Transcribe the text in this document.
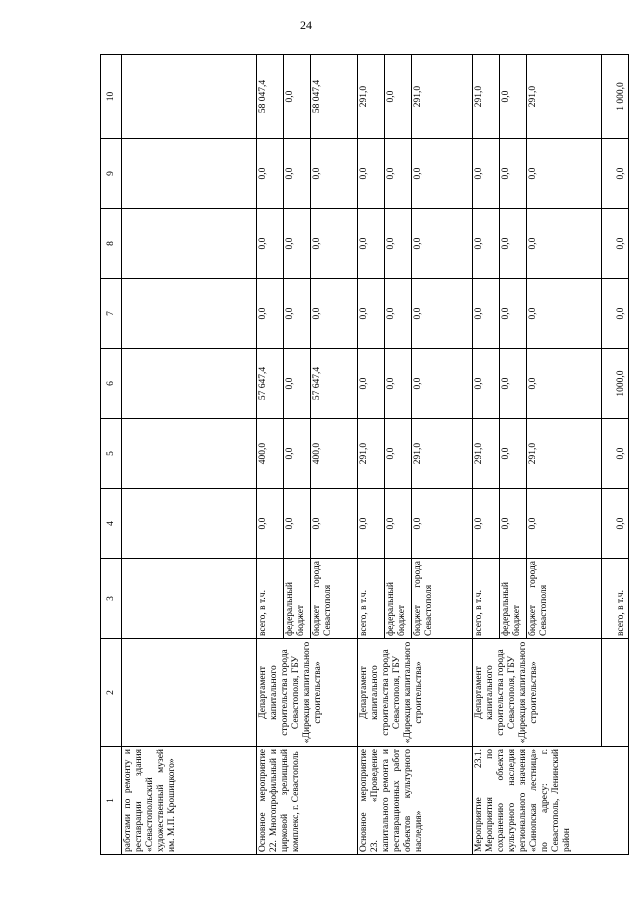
24
1	2	3	4	5	6	7	8	9	10
работами по ремонту и реставрации здания «Севастопольский художественный музей им. М.П. Крошицкого»									
Основное мероприятие 22. Многопрофильный и цирковой зрелищный комплекс, г. Севастополь	Департамент капитального строительства города Севастополя, ГБУ «Дирекция капитального строительства»	всего, в т.ч.	0,0	400,0	57 647,4	0,0	0,0	0,0	58 047,4
		федеральный бюджет	0,0	0,0	0,0	0,0	0,0	0,0	0,0
		бюджет города Севастополя	0,0	400,0	57 647,4	0,0	0,0	0,0	58 047,4
Основное мероприятие 23. «Проведение капитального ремонта и реставрационных работ объектов культурного наследия»	Департамент капитального строительства города Севастополя, ГБУ «Дирекция капитального строительства»	всего, в т.ч.	0,0	291,0	0,0	0,0	0,0	0,0	291,0
		федеральный бюджет	0,0	0,0	0,0	0,0	0,0	0,0	0,0
		бюджет города Севастополя	0,0	291,0	0,0	0,0	0,0	0,0	291,0
Мероприятие 23.1. Мероприятия по сохранению объекта культурного наследия регионального значения «Синопская лестница» по адресу: г. Севастополь, Ленинский район	Департамент капитального строительства города Севастополя, ГБУ «Дирекция капитального строительства»	всего, в т.ч.	0,0	291,0	0,0	0,0	0,0	0,0	291,0
		федеральный бюджет	0,0	0,0	0,0	0,0	0,0	0,0	0,0
		бюджет города Севастополя	0,0	291,0	0,0	0,0	0,0	0,0	291,0
		всего, в т.ч.	0,0	0,0	1000,0	0,0	0,0	0,0	1 000,0
